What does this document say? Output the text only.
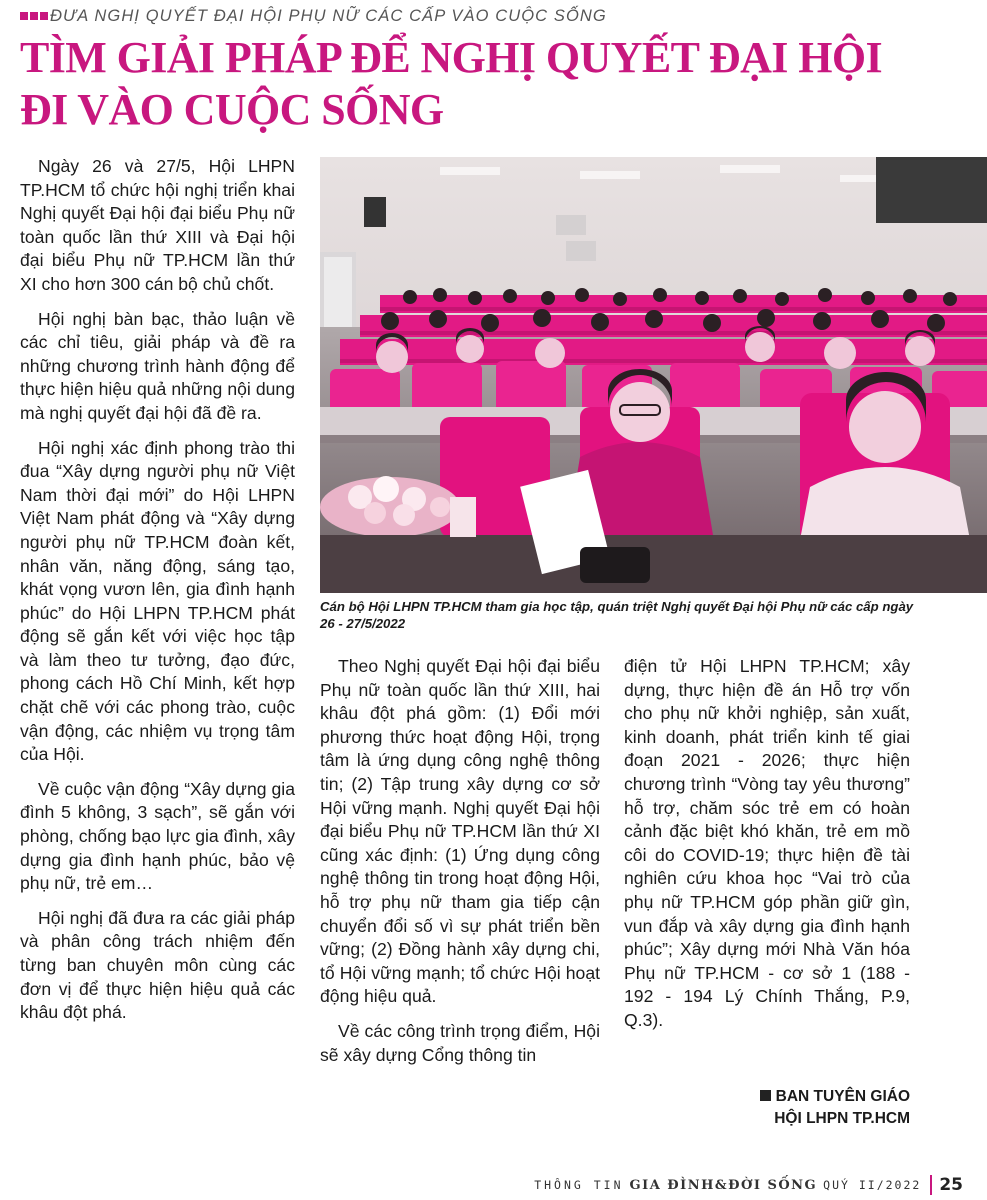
ĐƯA NGHỊ QUYẾT ĐẠI HỘI PHỤ NỮ CÁC CẤP VÀO CUỘC SỐNG
TÌM GIẢI PHÁP ĐỂ NGHỊ QUYẾT ĐẠI HỘI
ĐI VÀO CUỘC SỐNG

Ngày 26 và 27/5, Hội LHPN TP.HCM tổ chức hội nghị triển khai Nghị quyết Đại hội đại biểu Phụ nữ toàn quốc lần thứ XIII và Đại hội đại biểu Phụ nữ TP.HCM lần thứ XI cho hơn 300 cán bộ chủ chốt.

Hội nghị bàn bạc, thảo luận về các chỉ tiêu, giải pháp và đề ra những chương trình hành động để thực hiện hiệu quả những nội dung mà nghị quyết đại hội đã đề ra.

Hội nghị xác định phong trào thi đua “Xây dựng người phụ nữ Việt Nam thời đại mới” do Hội LHPN Việt Nam phát động và “Xây dựng người phụ nữ TP.HCM đoàn kết, nhân văn, năng động, sáng tạo, khát vọng vươn lên, gia đình hạnh phúc” do Hội LHPN TP.HCM phát động sẽ gắn kết với việc học tập và làm theo tư tưởng, đạo đức, phong cách Hồ Chí Minh, kết hợp chặt chẽ với các phong trào, cuộc vận động, các nhiệm vụ trọng tâm của Hội.

Về cuộc vận động “Xây dựng gia đình 5 không, 3 sạch”, sẽ gắn với phòng, chống bạo lực gia đình, xây dựng gia đình hạnh phúc, bảo vệ phụ nữ, trẻ em…

Hội nghị đã đưa ra các giải pháp và phân công trách nhiệm đến từng ban chuyên môn cùng các đơn vị để thực hiện hiệu quả các khâu đột phá.

Cán bộ Hội LHPN TP.HCM tham gia học tập, quán triệt Nghị quyết Đại hội Phụ nữ các cấp ngày 26 - 27/5/2022

Theo Nghị quyết Đại hội đại biểu Phụ nữ toàn quốc lần thứ XIII, hai khâu đột phá gồm: (1) Đổi mới phương thức hoạt động Hội, trọng tâm là ứng dụng công nghệ thông tin; (2) Tập trung xây dựng cơ sở Hội vững mạnh. Nghị quyết Đại hội đại biểu Phụ nữ TP.HCM lần thứ XI cũng xác định: (1) Ứng dụng công nghệ thông tin trong hoạt động Hội, hỗ trợ phụ nữ tham gia tiếp cận chuyển đổi số vì sự phát triển bền vững; (2) Đồng hành xây dựng chi, tổ Hội vững mạnh; tổ chức Hội hoạt động hiệu quả.

Về các công trình trọng điểm, Hội sẽ xây dựng Cổng thông tin

điện tử Hội LHPN TP.HCM; xây dựng, thực hiện đề án Hỗ trợ vốn cho phụ nữ khởi nghiệp, sản xuất, kinh doanh, phát triển kinh tế giai đoạn 2021 - 2026; thực hiện chương trình “Vòng tay yêu thương” hỗ trợ, chăm sóc trẻ em có hoàn cảnh đặc biệt khó khăn, trẻ em mồ côi do COVID-19; thực hiện đề tài nghiên cứu khoa học “Vai trò của phụ nữ TP.HCM góp phần giữ gìn, vun đắp và xây dựng gia đình hạnh phúc”; Xây dựng mới Nhà Văn hóa Phụ nữ TP.HCM - cơ sở 1 (188 - 192 - 194 Lý Chính Thắng, P.9, Q.3).

BAN TUYÊN GIÁO
HỘI LHPN TP.HCM
THÔNG TIN GIA ĐÌNH&ĐỜI SỐNG QUÝ II/2022 25
